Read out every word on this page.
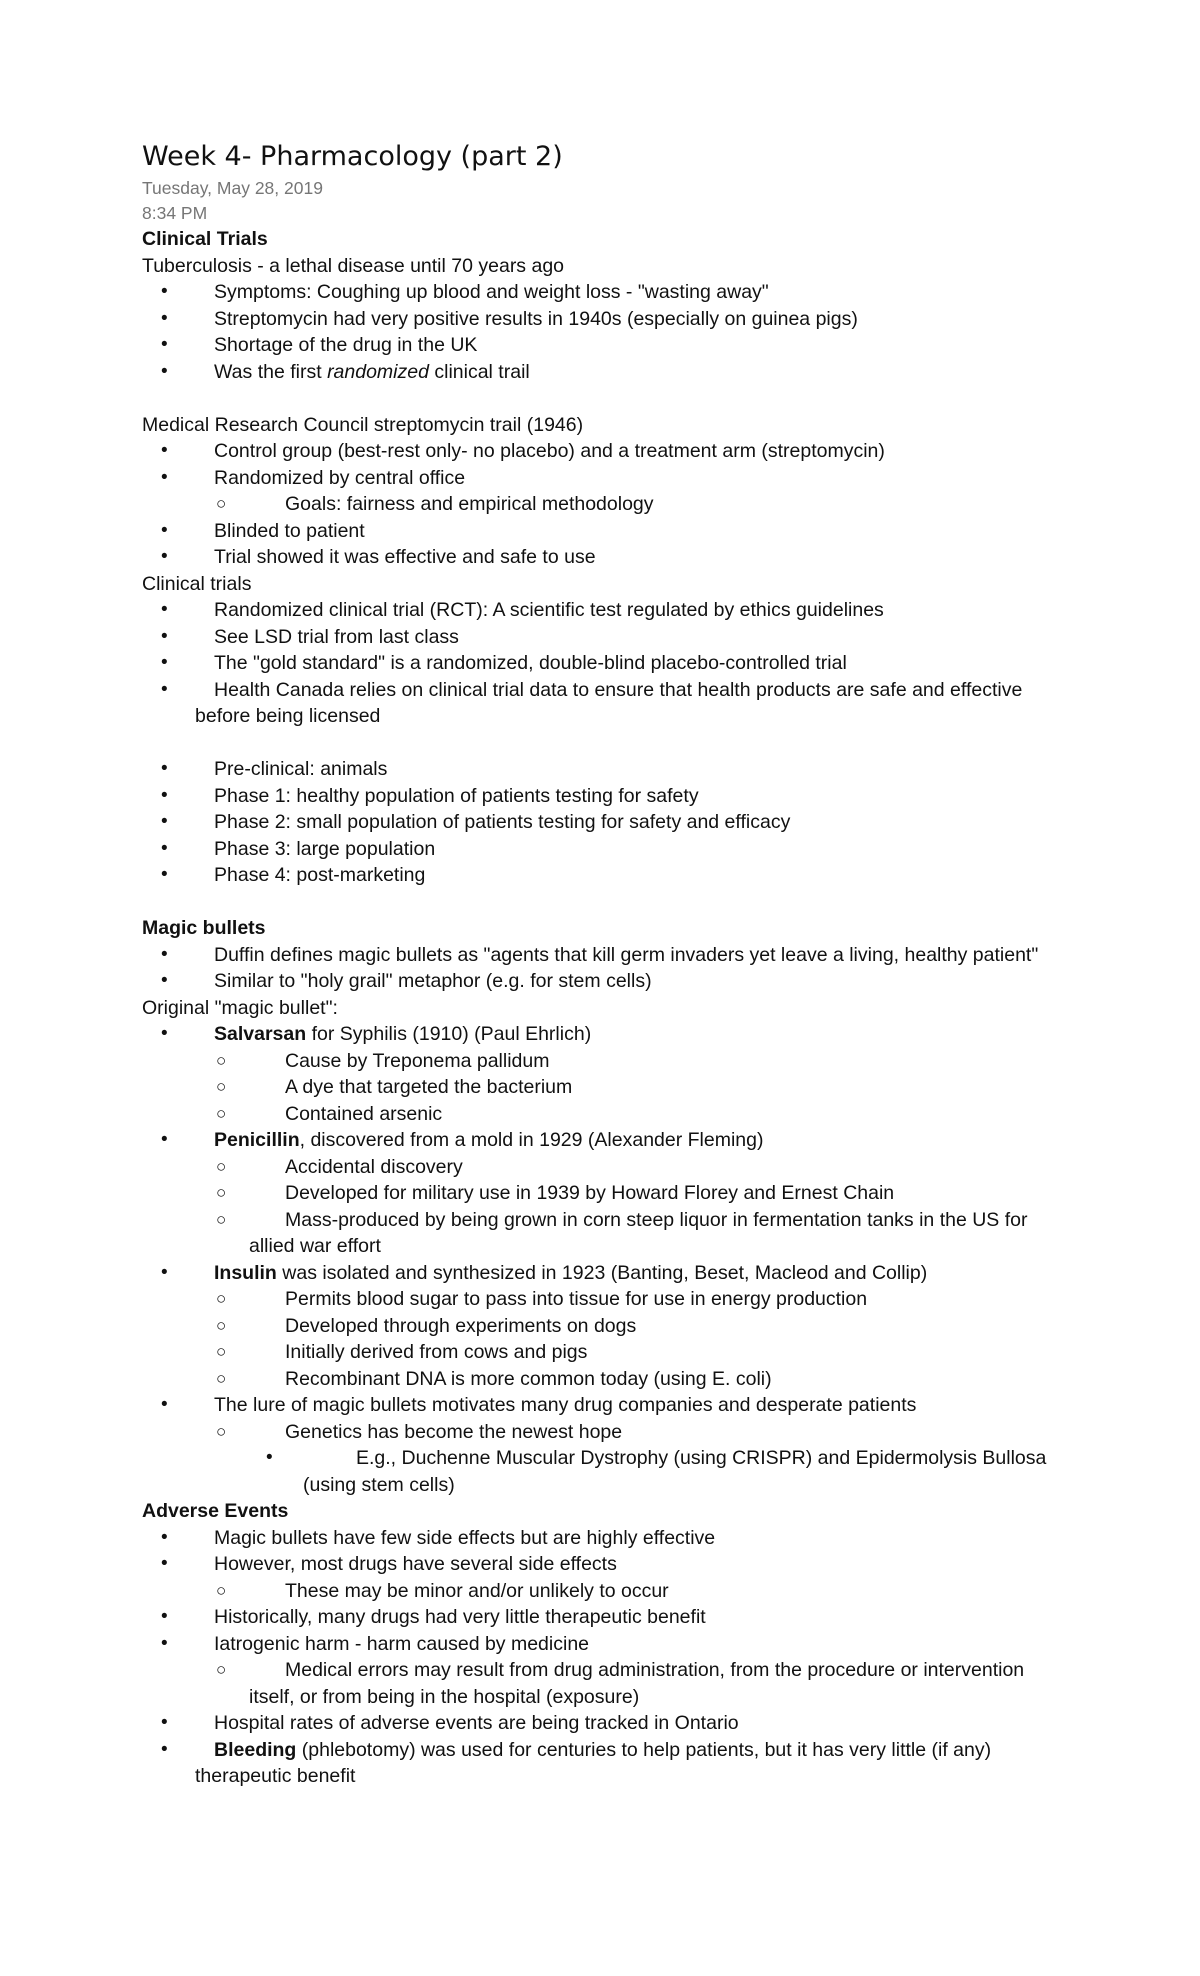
Week 4- Pharmacology (part 2)
Tuesday, May 28, 2019
8:34 PM
Clinical Trials
Tuberculosis - a lethal disease until 70 years ago
• Symptoms: Coughing up blood and weight loss - "wasting away"
• Streptomycin had very positive results in 1940s (especially on guinea pigs)
• Shortage of the drug in the UK
• Was the first randomized clinical trail
Medical Research Council streptomycin trail (1946)
• Control group (best-rest only- no placebo) and a treatment arm (streptomycin)
• Randomized by central office
○	Goals: fairness and empirical methodology
• Blinded to patient
• Trial showed it was effective and safe to use
Clinical trials
• Randomized clinical trial (RCT): A scientific test regulated by ethics guidelines
• See LSD trial from last class
• The "gold standard" is a randomized, double-blind placebo-controlled trial
• Health Canada relies on clinical trial data to ensure that health products are safe and effective
before being licensed
• Pre-clinical: animals
• Phase 1: healthy population of patients testing for safety
• Phase 2: small population of patients testing for safety and efficacy
• Phase 3: large population
• Phase 4: post-marketing
Magic bullets
• Duffin defines magic bullets as "agents that kill germ invaders yet leave a living, healthy patient"
• Similar to "holy grail" metaphor (e.g. for stem cells)
Original "magic bullet":
• Salvarsan for Syphilis (1910) (Paul Ehrlich)
○	Cause by Treponema pallidum
○	A dye that targeted the bacterium
○	Contained arsenic
• Penicillin, discovered from a mold in 1929 (Alexander Fleming)
○	Accidental discovery
○	Developed for military use in 1939 by Howard Florey and Ernest Chain
○	Mass-produced by being grown in corn steep liquor in fermentation tanks in the US for
allied war effort
• Insulin was isolated and synthesized in 1923 (Banting, Beset, Macleod and Collip)
○	Permits blood sugar to pass into tissue for use in energy production
○	Developed through experiments on dogs
○	Initially derived from cows and pigs
○	Recombinant DNA is more common today (using E. coli)
• The lure of magic bullets motivates many drug companies and desperate patients
○	Genetics has become the newest hope
•	E.g., Duchenne Muscular Dystrophy (using CRISPR) and Epidermolysis Bullosa
(using stem cells)
Adverse Events
• Magic bullets have few side effects but are highly effective
• However, most drugs have several side effects
○	These may be minor and/or unlikely to occur
• Historically, many drugs had very little therapeutic benefit
• Iatrogenic harm - harm caused by medicine
○	Medical errors may result from drug administration, from the procedure or intervention
itself, or from being in the hospital (exposure)
• Hospital rates of adverse events are being tracked in Ontario
• Bleeding (phlebotomy) was used for centuries to help patients, but it has very little (if any)
therapeutic benefit
